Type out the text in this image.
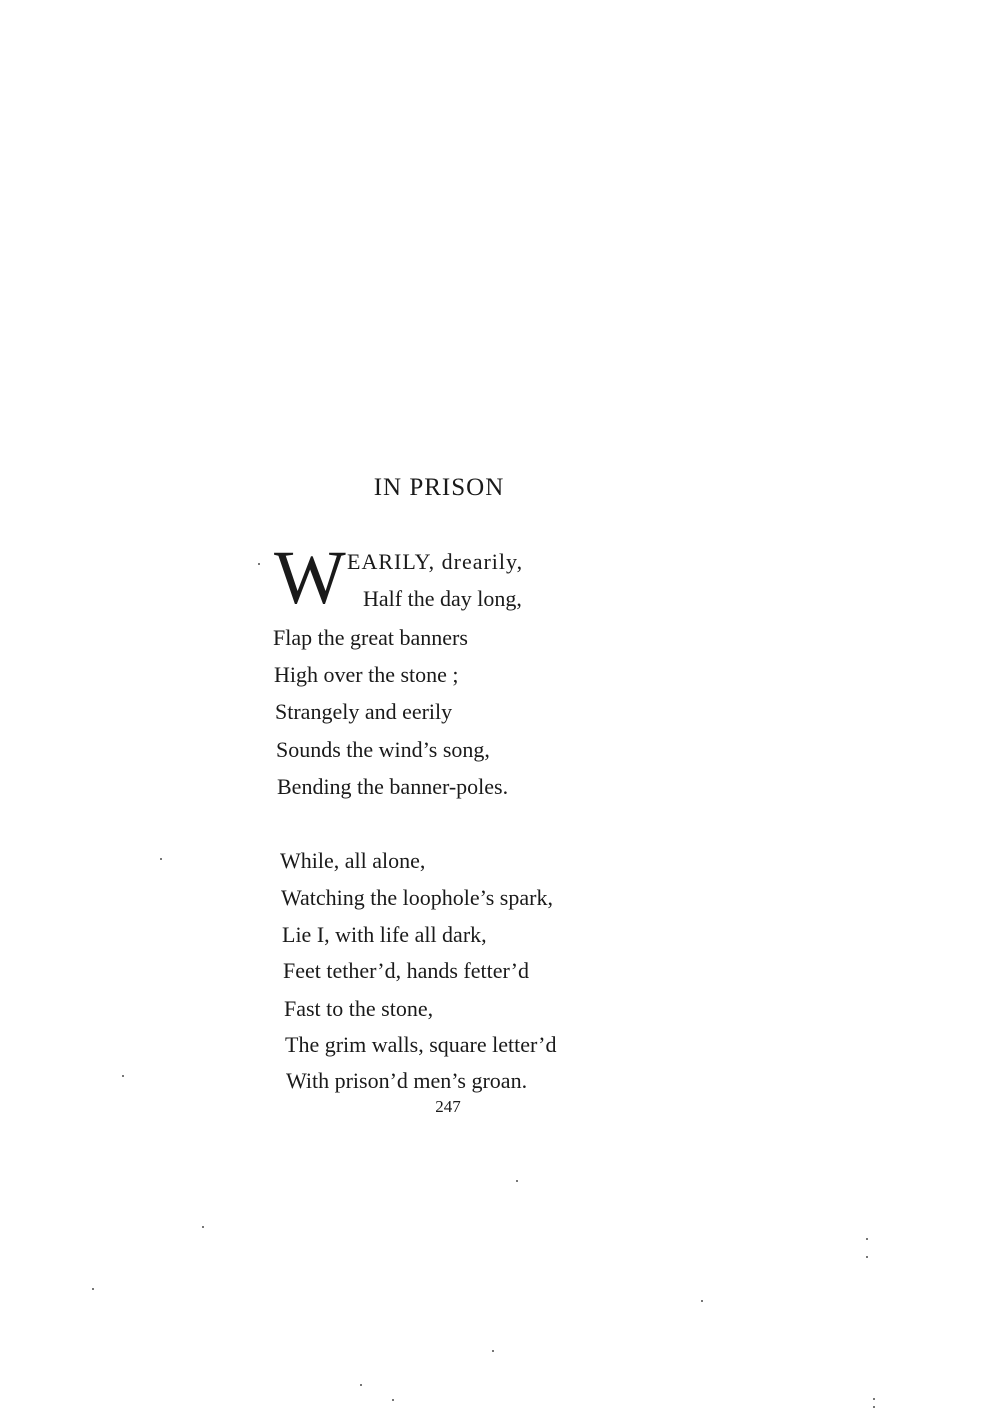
IN PRISON
W EARILY, drearily,
Half the day long,
Flap the great banners
High over the stone ;
Strangely and eerily
Sounds the wind’s song,
Bending the banner-poles.
While, all alone,
Watching the loophole’s spark,
Lie I, with life all dark,
Feet tether’d, hands fetter’d
Fast to the stone,
The grim walls, square letter’d
With prison’d men’s groan.
247
